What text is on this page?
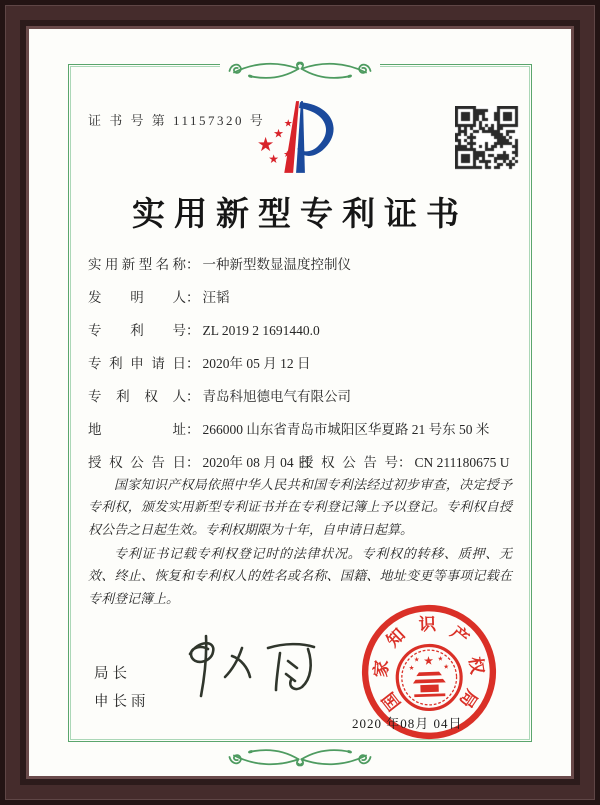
证 书 号 第 11157320 号
★
★
★
★ ★
实用新型专利证书
实用新型名称： 一种新型数显温度控制仪
发明人： 汪韬
专利号： ZL 2019 2 1691440.0
专利申请日： 2020年 05 月 12 日
专利权人： 青岛科旭德电气有限公司
地址： 266000 山东省青岛市城阳区华夏路 21 号东 50 米
授权公告日： 2020年 08 月 04 日
授权公告号： CN 211180675 U

国家知识产权局依照中华人民共和国专利法经过初步审查，决定授予专利权，颁发实用新型专利证书并在专利登记簿上予以登记。专利权自授权公告之日起生效。专利权期限为十年，自申请日起算。

专利证书记载专利权登记时的法律状况。专利权的转移、质押、无效、终止、恢复和专利权人的姓名或名称、国籍、地址变更等事项记载在专利登记簿上。

局长
申长雨	国
家
知
识 产
权
局
★
★	★
★	★
2020 年08月 04日
